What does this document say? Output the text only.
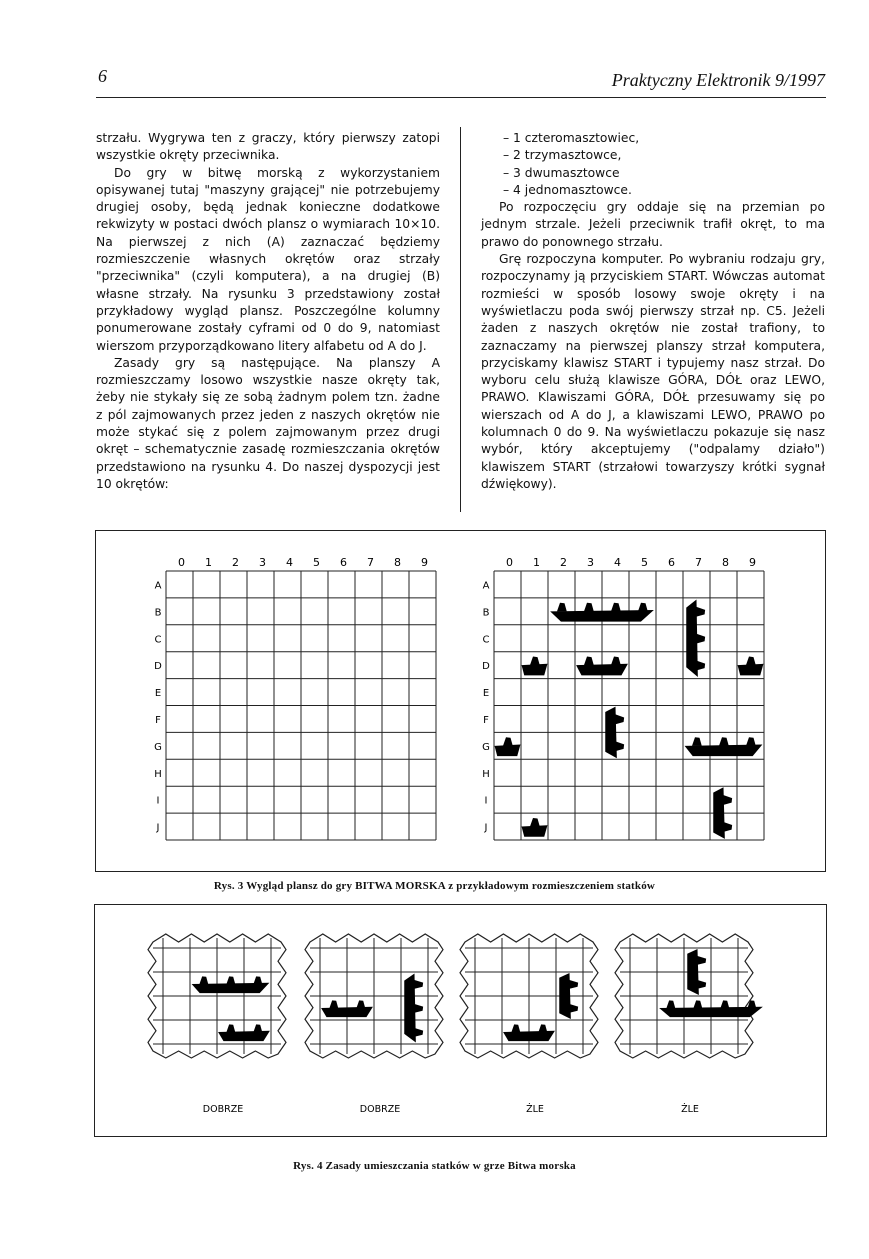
6	Praktyczny Elektronik 9/1997

strzału. Wygrywa ten z graczy, który pierwszy zatopi wszystkie okręty przeciwnika.

Do gry w bitwę morską z wykorzystaniem opisywanej tutaj "maszyny grającej" nie potrzebujemy drugiej osoby, będą jednak konieczne dodatkowe rekwizyty w postaci dwóch plansz o wymiarach 10×10. Na pierwszej z nich (A) zaznaczać będziemy rozmieszczenie własnych okrętów oraz strzały "przeciwnika" (czyli komputera), a na drugiej (B) własne strzały. Na rysunku 3 przedstawiony został przykładowy wygląd plansz. Poszczególne kolumny ponumerowane zostały cyframi od 0 do 9, natomiast wierszom przyporządkowano litery alfabetu od A do J.

Zasady gry są następujące. Na planszy A rozmieszczamy losowo wszystkie nasze okręty tak, żeby nie stykały się ze sobą żadnym polem tzn. żadne z pól zajmowanych przez jeden z naszych okrętów nie może stykać się z polem zajmowanym przez drugi okręt – schematycznie zasadę rozmieszczania okrętów przedstawiono na rysunku 4. Do naszej dyspozycji jest 10 okrętów:

– 1 czteromasztowiec,

– 2 trzymasztowce,

– 3 dwumasztowce

– 4 jednomasztowce.

Po rozpoczęciu gry oddaje się na przemian po jednym strzale. Jeżeli przeciwnik trafił okręt, to ma prawo do ponownego strzału.

Grę rozpoczyna komputer. Po wybraniu rodzaju gry, rozpoczynamy ją przyciskiem START. Wówczas automat rozmieści w sposób losowy swoje okręty i na wyświetlaczu poda swój pierwszy strzał np. C5. Jeżeli żaden z naszych okrętów nie został trafiony, to zaznaczamy na pierwszej planszy strzał komputera, przyciskamy klawisz START i typujemy nasz strzał. Do wyboru celu służą klawisze GÓRA, DÓŁ oraz LEWO, PRAWO. Klawiszami GÓRA, DÓŁ przesuwamy się po wierszach od A do J, a klawiszami LEWO, PRAWO po kolumnach 0 do 9. Na wyświetlaczu pokazuje się nasz wybór, który akceptujemy ("odpalamy działo") klawiszem START (strzałowi towarzyszy krótki sygnał dźwiękowy).

0 1 2 3 4 5 6 7 8 9
A
B
C
D
E
F
G
H
I
J
0 1 2 3 4 5 6 7 8 9
A
B
C
D
E
F
G
H
I
J
Rys. 3 Wygląd plansz do gry BITWA MORSKA z przykładowym rozmieszczeniem statków
DOBRZE	DOBRZE	ŻLE	ŻLE
Rys. 4 Zasady umieszczania statków w grze Bitwa morska
